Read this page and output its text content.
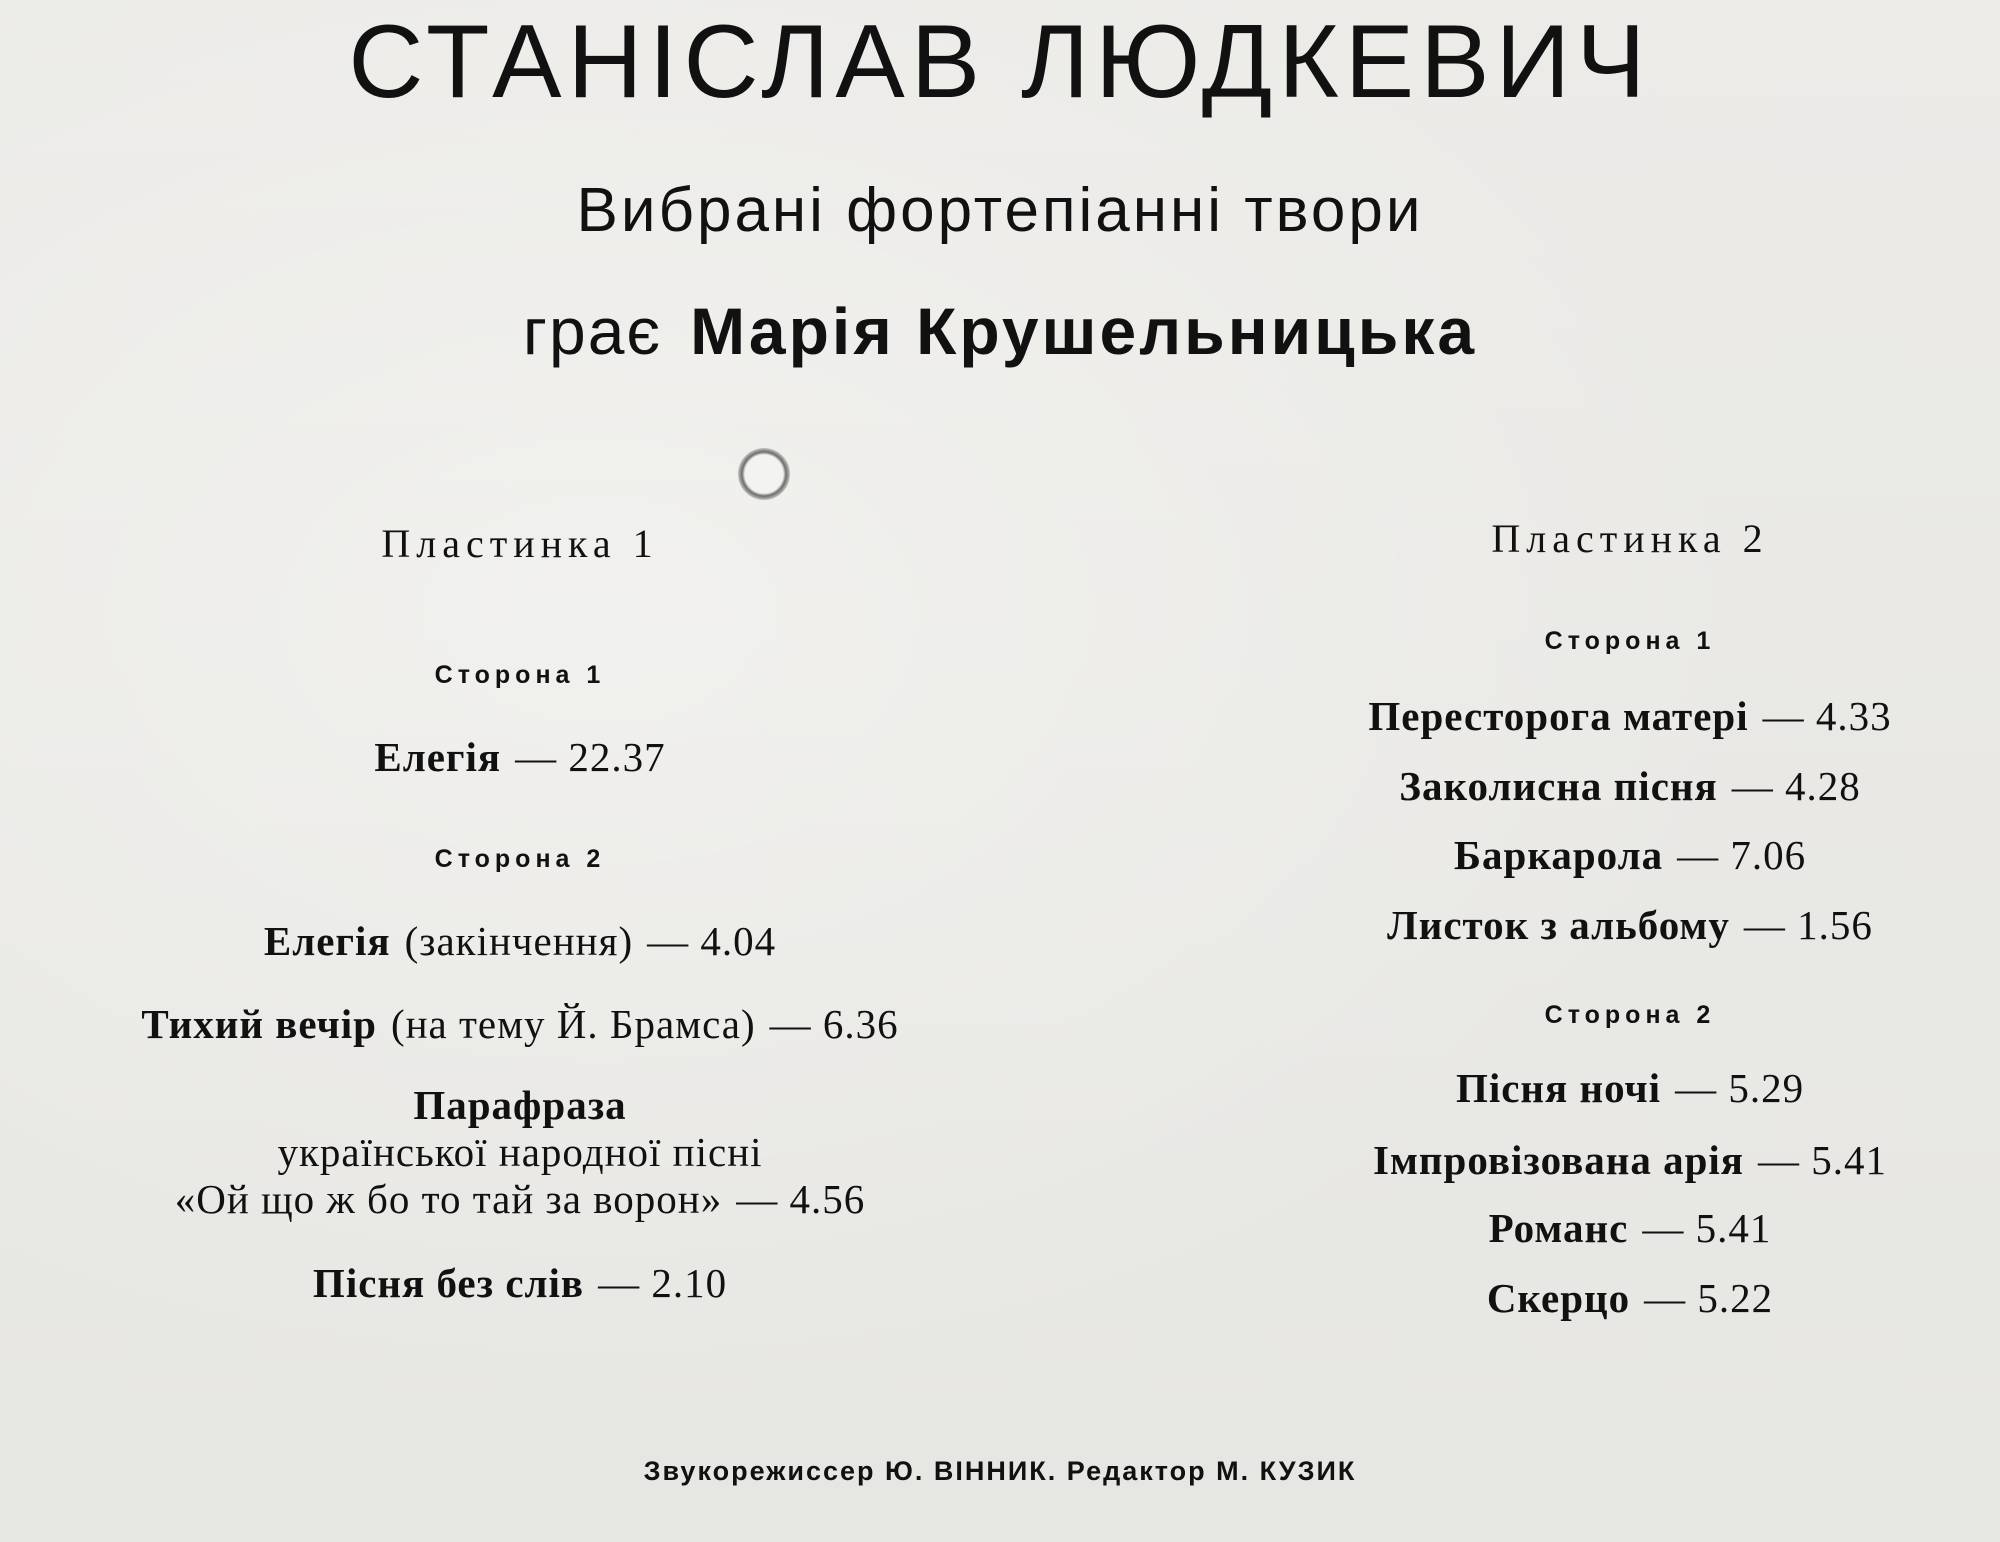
СТАНІСЛАВ ЛЮДКЕВИЧ
Вибрані фортепіанні твори
грає Марія Крушельницька
Пластинка 1
Сторона 1
Елегія — 22.37
Сторона 2
Елегія (закінчення) — 4.04
Тихий вечір (на тему Й. Брамса) — 6.36
Парафраза
української народної пісні
«Ой що ж бо то тай за ворон» — 4.56
Пісня без слів — 2.10
Пластинка 2
Сторона 1
Пересторога матері — 4.33
Заколисна пісня — 4.28
Баркарола — 7.06
Листок з альбому — 1.56
Сторона 2
Пісня ночі — 5.29
Імпровізована арія — 5.41
Романс — 5.41
Скерцо — 5.22
Звукорежиссер Ю. ВІННИК. Редактор М. КУЗИК
